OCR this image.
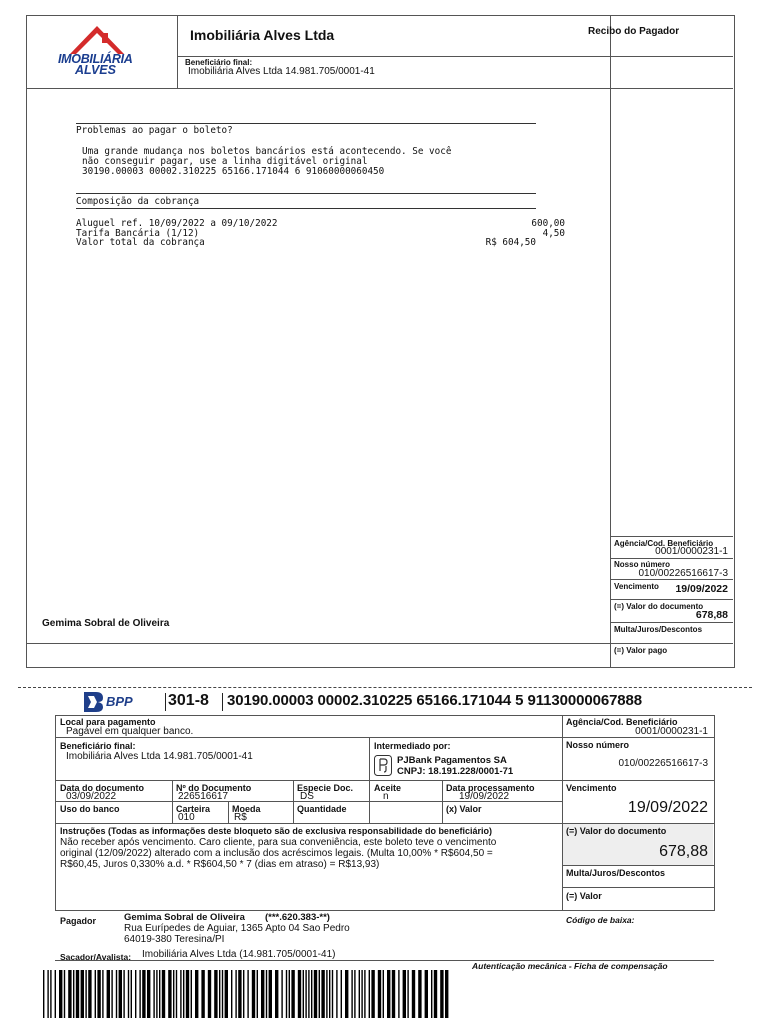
IMOBILIÁRIA
ALVES
Imobiliária Alves Ltda	Recibo do Pagador
Beneficiário final:
Imobiliária Alves Ltda 14.981.705/0001-41
Problemas ao pagar o boleto?
Uma grande mudança nos boletos bancários está acontecendo. Se você
não conseguir pagar, use a linha digitável original
30190.00003 00002.310225 65166.171044 6 91060000060450
Composição da cobrança
Aluguel ref. 10/09/2022 a 09/10/2022	600,00
Tarifa Bancária (1/12)	4,50
Valor total da cobrança	R$ 604,50
Agência/Cod. Beneficiário
0001/0000231-1
Nosso número
010/00226516617-3
Vencimento	19/09/2022
(=) Valor do documento
678,88
Multa/Juros/Descontos
(=) Valor pago
Gemima Sobral de Oliveira
BPP 301-8 30190.00003 00002.310225 65166.171044 5 91130000067888
Local para pagamento
Pagável em qualquer banco.
Agência/Cod. Beneficiário
0001/0000231-1
Beneficiário final:
Imobiliária Alves Ltda 14.981.705/0001-41
Intermediado por:
PJBank Pagamentos SA
CNPJ: 18.191.228/0001-71
Nosso número
010/00226516617-3
Data do documento
03/09/2022
Nº do Documento
226516617
Especie Doc.
DS
Aceite
n
Data processamento
19/09/2022
Vencimento
19/09/2022
Uso do banco	Carteira
010
Moeda
R$
Quantidade	(x) Valor
Instruções (Todas as informações deste bloqueto são de exclusiva responsabilidade do beneficiário)
Não receber após vencimento. Caro cliente, para sua conveniência, este boleto teve o vencimento
original (12/09/2022) alterado com a inclusão dos acréscimos legais. (Multa 10,00% * R$604,50 =
R$60,45, Juros 0,330% a.d. * R$604,50 * 7 (dias em atraso) = R$13,93)
(=) Valor do documento
678,88
Multa/Juros/Descontos
(=) Valor
Pagador	Gemima Sobral de Oliveira (***.620.383-**)
Rua Eurípedes de Aguiar, 1365 Apto 04 Sao Pedro
64019-380 Teresina/PI
Código de baixa:
Sacador/Avalista: Imobiliária Alves Ltda (14.981.705/0001-41)
Autenticação mecânica - Ficha de compensação
